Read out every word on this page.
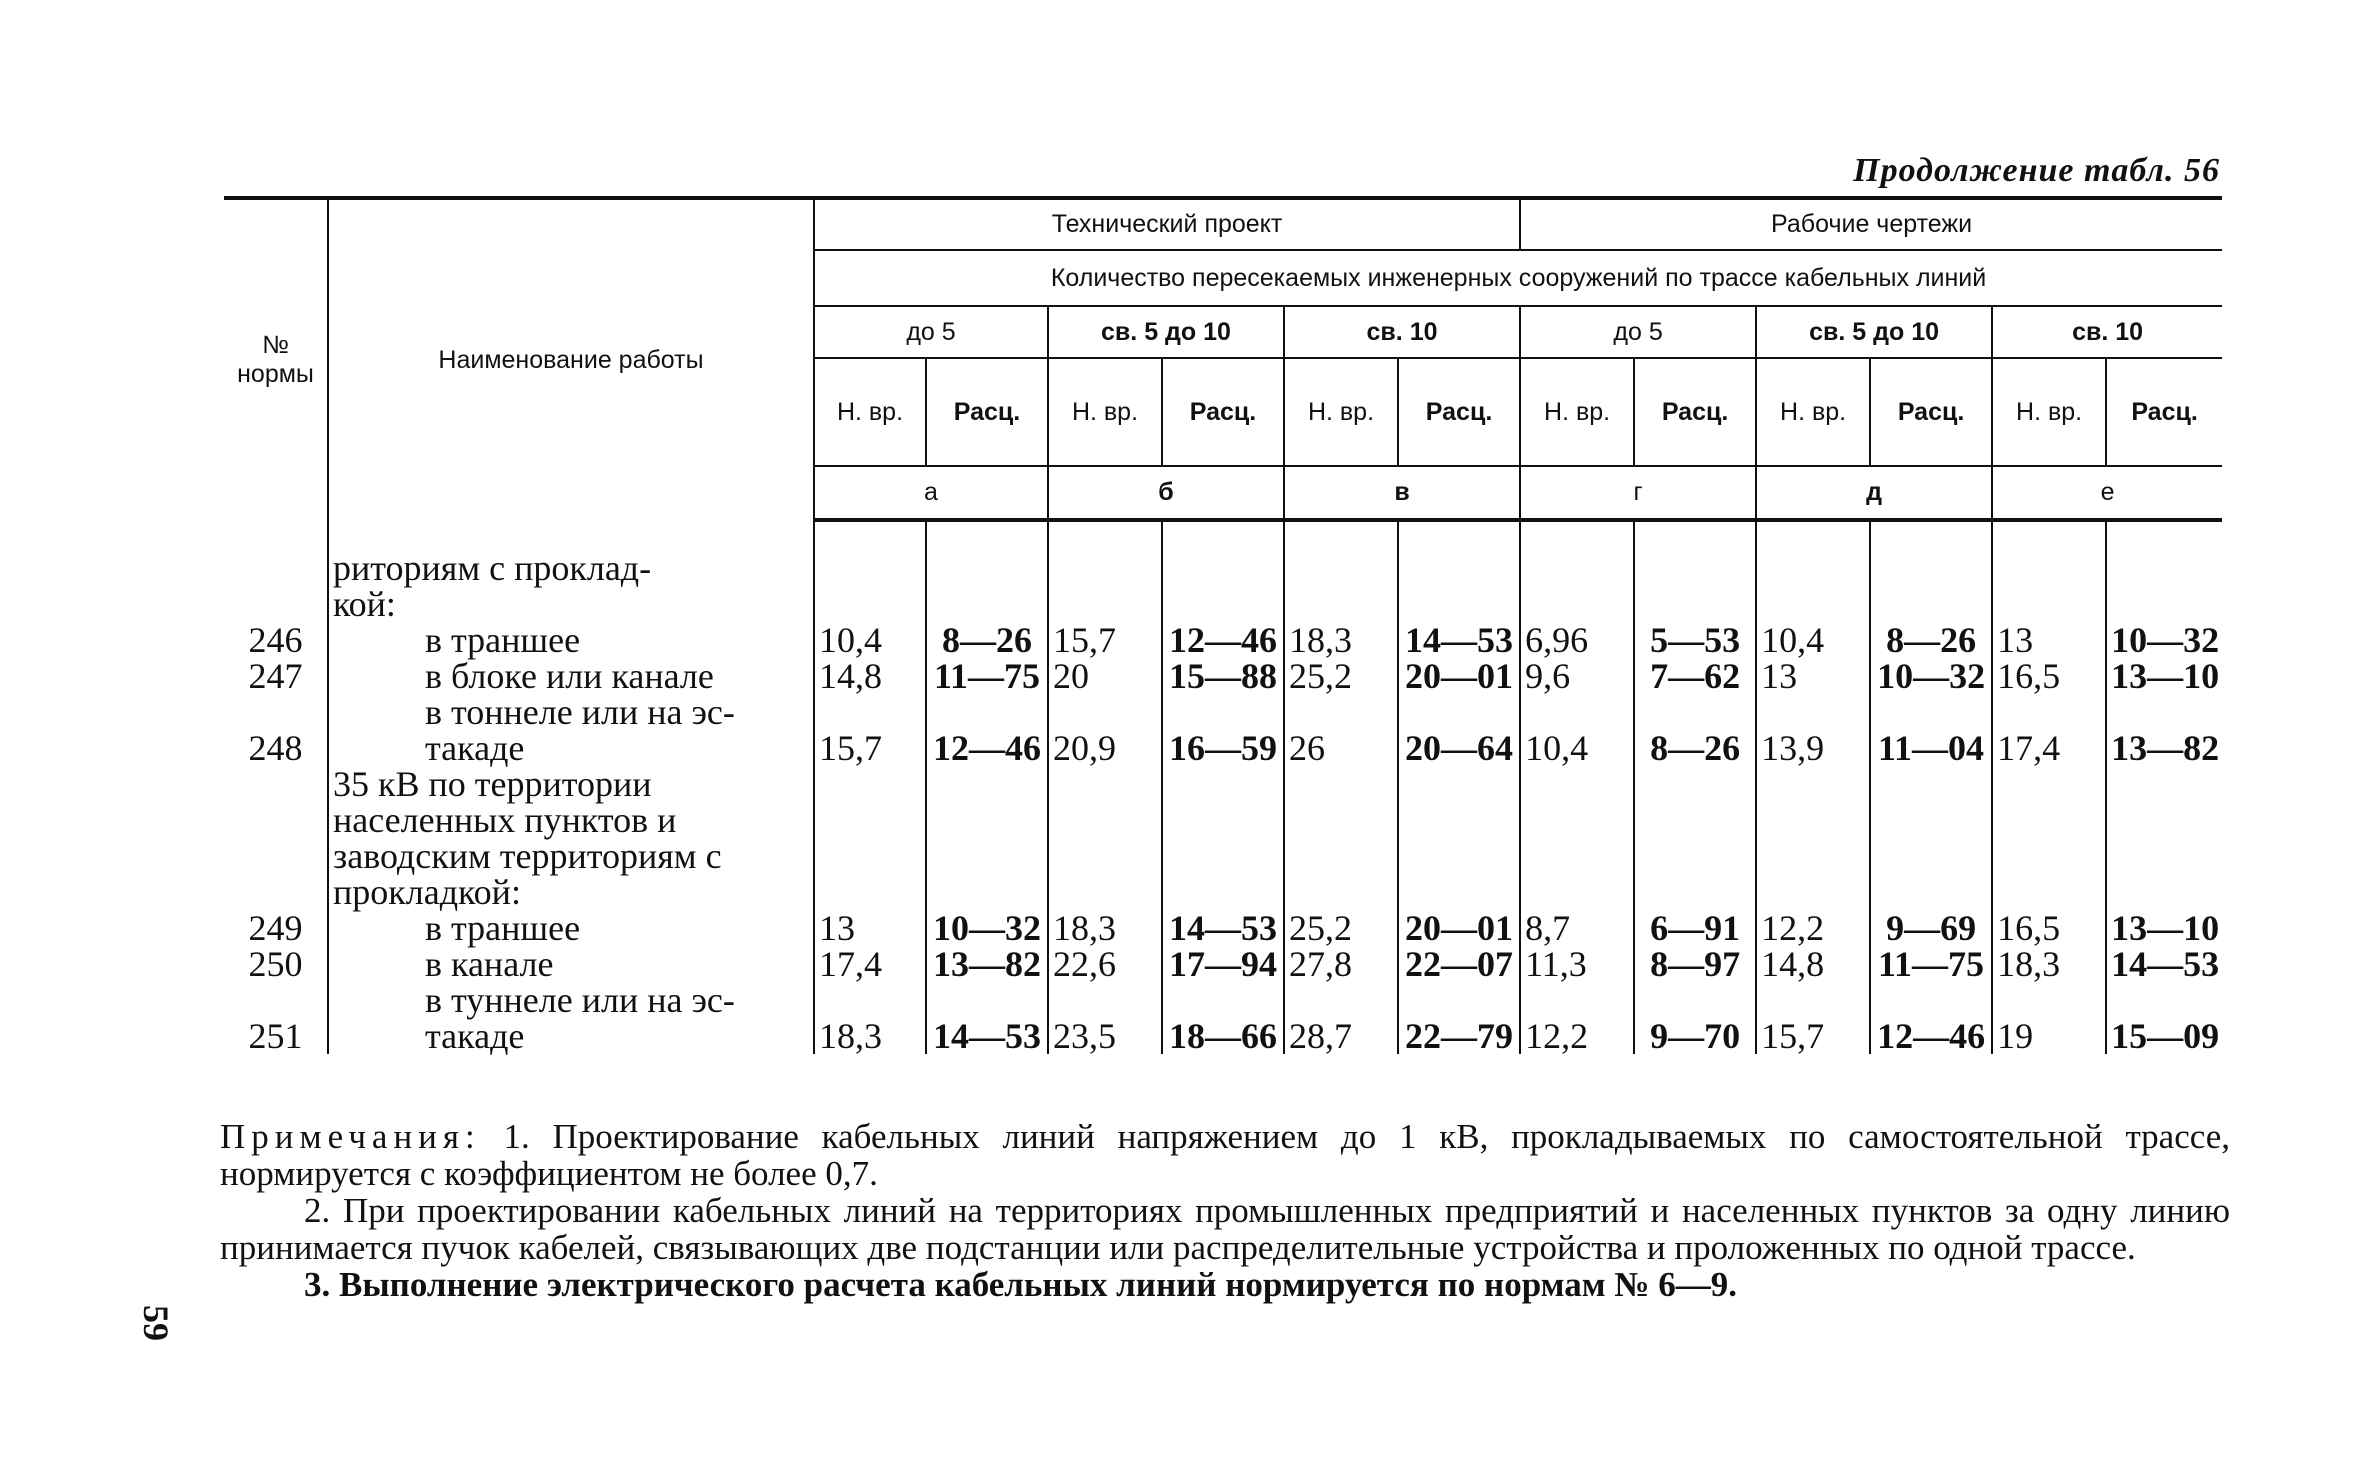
Продолжение табл. 56
№
нормы	Наименование работы	Технический проект						Рабочие чертежи					
		Количество пересекаемых инженерных сооружений по трассе кабельных линий											
		до 5		св. 5 до 10		св. 10		до 5		св. 5 до 10		св. 10	
		Н. вр.	Расц.	Н. вр.	Расц.	Н. вр.	Расц.	Н. вр.	Расц.	Н. вр.	Расц.	Н. вр.	Расц.
		а		б		в		г		д		е	
	риториям с проклад-
кой:												
246	в траншее	10,4	8—26	15,7	12—46	18,3	14—53	6,96	5—53	10,4	8—26	13	10—32
247	в блоке или канале	14,8	11—75	20	15—88	25,2	20—01	9,6	7—62	13	10—32	16,5	13—10
248	в тоннеле или на эс-
такаде	15,7	12—46	20,9	16—59	26	20—64	10,4	8—26	13,9	11—04	17,4	13—82
	35 кВ по территории населенных пунктов и заводским территориям с прокладкой:												
249	в траншее	13	10—32	18,3	14—53	25,2	20—01	8,7	6—91	12,2	9—69	16,5	13—10
250	в канале	17,4	13—82	22,6	17—94	27,8	22—07	11,3	8—97	14,8	11—75	18,3	14—53
251	в туннеле или на эс-
такаде	18,3	14—53	23,5	18—66	28,7	22—79	12,2	9—70	15,7	12—46	19	15—09

Примечания: 1. Проектирование кабельных линий напряжением до 1 кВ, прокладываемых по самостоятельной трассе, нормируется с коэффициентом не более 0,7.

2. При проектировании кабельных линий на территориях промышленных предприятий и населенных пунктов за одну линию принимается пучок кабелей, связывающих две подстанции или распределительные устройства и проложенных по одной трассе.

3. Выполнение электрического расчета кабельных линий нормируется по нормам № 6—9.

59
